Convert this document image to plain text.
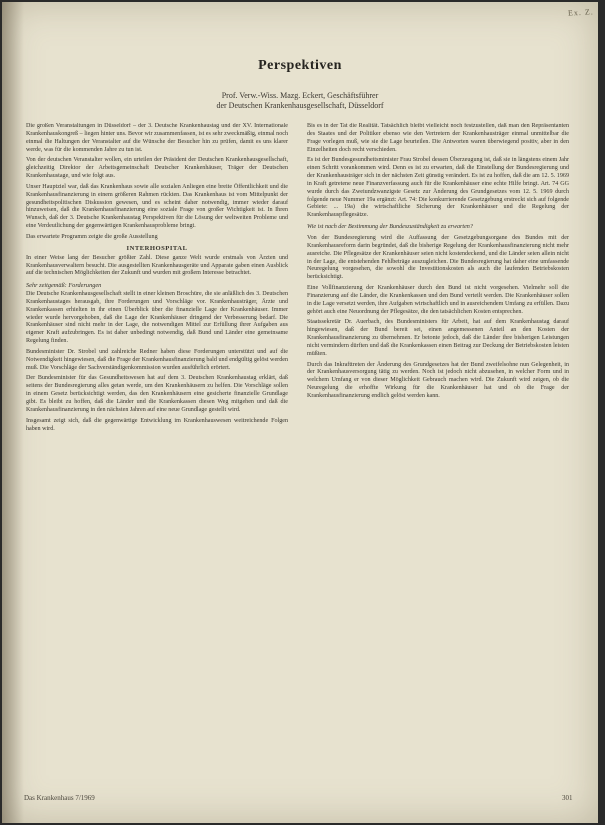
Ex. Z.
Perspektiven
Prof. Verw.-Wiss. Mazg. Eckert, Geschäftsführer
der Deutschen Krankenhausgesellschaft, Düsseldorf

Die großen Veranstaltungen in Düsseldorf – der 3. Deutsche Krankenhaustag und der XV. Internationale Krankenhauskongreß – liegen hinter uns. Bevor wir zusammenfassen, ist es sehr zweckmäßig, einmal noch einmal die Haltungen der Veranstalter auf die Wünsche der Besucher hin zu prüfen, damit es uns klarer werde, was für die kommenden Jahre zu tun ist.

Von der deutschen Veranstalter wollen, ein urteilen der Präsident der Deutschen Krankenhausgesellschaft, gleichzeitig Direktor der Arbeitsgemeinschaft Deutscher Krankenhäuser, Träger der Deutschen Krankenhaustage, und wie folgt aus.

Unser Hauptziel war, daß das Krankenhaus sowie alle sozialen Anliegen eine breite Öffentlichkeit und die Krankenhausfinanzierung in einem größeren Rahmen rückten. Das Krankenhaus ist vom Mittelpunkt der gesundheitspolitischen Diskussion gewesen, und es scheint daher notwendig, immer wieder darauf hinzuweisen, daß die Krankenhausfinanzierung eine soziale Frage von großer Wichtigkeit ist. In Ihren Wunsch, daß der 3. Deutsche Krankenhaustag Perspektiven für die Lösung der weltweiten Probleme und eine Verdeutlichung der gegenwärtigen Krankenhausprobleme bringt.

Das erwartete Programm zeigte die große Ausstellung

INTERHOSPITAL

In einer Weise lang der Besucher größter Zahl. Diese ganze Welt wurde erstmals von Ärzten und Krankenhausverwaltern besucht. Die ausgestellten Krankenhausgeräte und Apparate gaben einen Ausblick auf die technischen Möglichkeiten der Zukunft und wurden mit großem Interesse betrachtet.

Sehr zeitgemäß: Forderungen

Die Deutsche Krankenhausgesellschaft stellt in einer kleinen Broschüre, die sie anläßlich des 3. Deutschen Krankenhaustages herausgab, ihre Forderungen und Vorschläge vor. Krankenhausträger, Ärzte und Krankenkassen erhielten in ihr einen Überblick über die finanzielle Lage der Krankenhäuser. Immer wieder wurde hervorgehoben, daß die Lage der Krankenhäuser dringend der Verbesserung bedarf. Die Krankenhäuser sind nicht mehr in der Lage, die notwendigen Mittel zur Erfüllung ihrer Aufgaben aus eigener Kraft aufzubringen. Es ist daher unbedingt notwendig, daß Bund und Länder eine gemeinsame Regelung finden.

Bundesminister Dr. Strobel und zahlreiche Redner haben diese Forderungen unterstützt und auf die Notwendigkeit hingewiesen, daß die Frage der Krankenhausfinanzierung bald und endgültig gelöst werden muß. Die Vorschläge der Sachverständigenkommission wurden ausführlich erörtert.

Der Bundesminister für das Gesundheitswesen hat auf dem 3. Deutschen Krankenhaustag erklärt, daß seitens der Bundesregierung alles getan werde, um den Krankenhäusern zu helfen. Die Vorschläge sollen in einem Gesetz berücksichtigt werden, das den Krankenhäusern eine gesicherte finanzielle Grundlage gibt. Es bleibt zu hoffen, daß die Länder und die Krankenkassen diesen Weg mitgehen und daß die Krankenhausfinanzierung in den nächsten Jahren auf eine neue Grundlage gestellt wird.

Insgesamt zeigt sich, daß die gegenwärtige Entwicklung im Krankenhauswesen weitreichende Folgen haben wird.

Bis es in der Tat die Realität. Tatsächlich bleibt vielleicht noch festzustellen, daß man den Repräsentanten des Staates und der Politiker ebenso wie den Vertretern der Krankenhausträger einmal unmittelbar die Frage vorlegen muß, wie sie die Lage beurteilen. Die Antworten waren überwiegend positiv, aber in den Einzelheiten doch recht verschieden.

Es ist der Bundesgesundheitsminister Frau Strobel dessen Überzeugung ist, daß sie in längstens einem Jahr einen Schritt vorankommen wird. Denn es ist zu erwarten, daß die Einstellung der Bundesregierung und der Krankenhausträger sich in der nächsten Zeit günstig verändert. Es ist zu hoffen, daß die am 12. 5. 1969 in Kraft getretene neue Finanzverfassung auch für die Krankenhäuser eine echte Hilfe bringt. Art. 74 GG wurde durch das Zweiundzwanzigste Gesetz zur Änderung des Grundgesetzes vom 12. 5. 1969 durch folgende neue Nummer 19a ergänzt: Art. 74: Die konkurrierende Gesetzgebung erstreckt sich auf folgende Gebiete: ... 19a) die wirtschaftliche Sicherung der Krankenhäuser und die Regelung der Krankenhauspflegesätze.

Wie ist nach der Bestimmung der Bundeszuständigkeit zu erwarten?

Von der Bundesregierung wird die Auffassung der Gesetzgebungsorgane des Bundes mit der Krankenhausreform darin begründet, daß die bisherige Regelung der Krankenhausfinanzierung nicht mehr ausreiche. Die Pflegesätze der Krankenhäuser seien nicht kostendeckend, und die Länder seien allein nicht in der Lage, die entstehenden Fehlbeträge auszugleichen. Die Bundesregierung hat daher eine umfassende Neuregelung vorgesehen, die sowohl die Investitionskosten als auch die laufenden Betriebskosten berücksichtigt.

Eine Vollfinanzierung der Krankenhäuser durch den Bund ist nicht vorgesehen. Vielmehr soll die Finanzierung auf die Länder, die Krankenkassen und den Bund verteilt werden. Die Krankenhäuser sollen in die Lage versetzt werden, ihre Aufgaben wirtschaftlich und in ausreichendem Umfang zu erfüllen. Dazu gehört auch eine Neuordnung der Pflegesätze, die den tatsächlichen Kosten entsprechen.

Staatssekretär Dr. Auerbach, des Bundesministers für Arbeit, hat auf dem Krankenhaustag darauf hingewiesen, daß der Bund bereit sei, einen angemessenen Anteil an den Kosten der Krankenhausfinanzierung zu übernehmen. Er betonte jedoch, daß die Länder ihre bisherigen Leistungen nicht vermindern dürften und daß die Krankenkassen einen Beitrag zur Deckung der Betriebskosten leisten müßten.

Durch das Inkrafttreten der Änderung des Grundgesetzes hat der Bund zweifelsohne nun Gelegenheit, in der Krankenhausversorgung tätig zu werden. Noch ist jedoch nicht abzusehen, in welcher Form und in welchem Umfang er von dieser Möglichkeit Gebrauch machen wird. Die Zukunft wird zeigen, ob die Neuregelung die erhoffte Wirkung für die Krankenhäuser hat und ob die Frage der Krankenhausfinanzierung endlich gelöst werden kann.

Das Krankenhaus 7/1969	301
